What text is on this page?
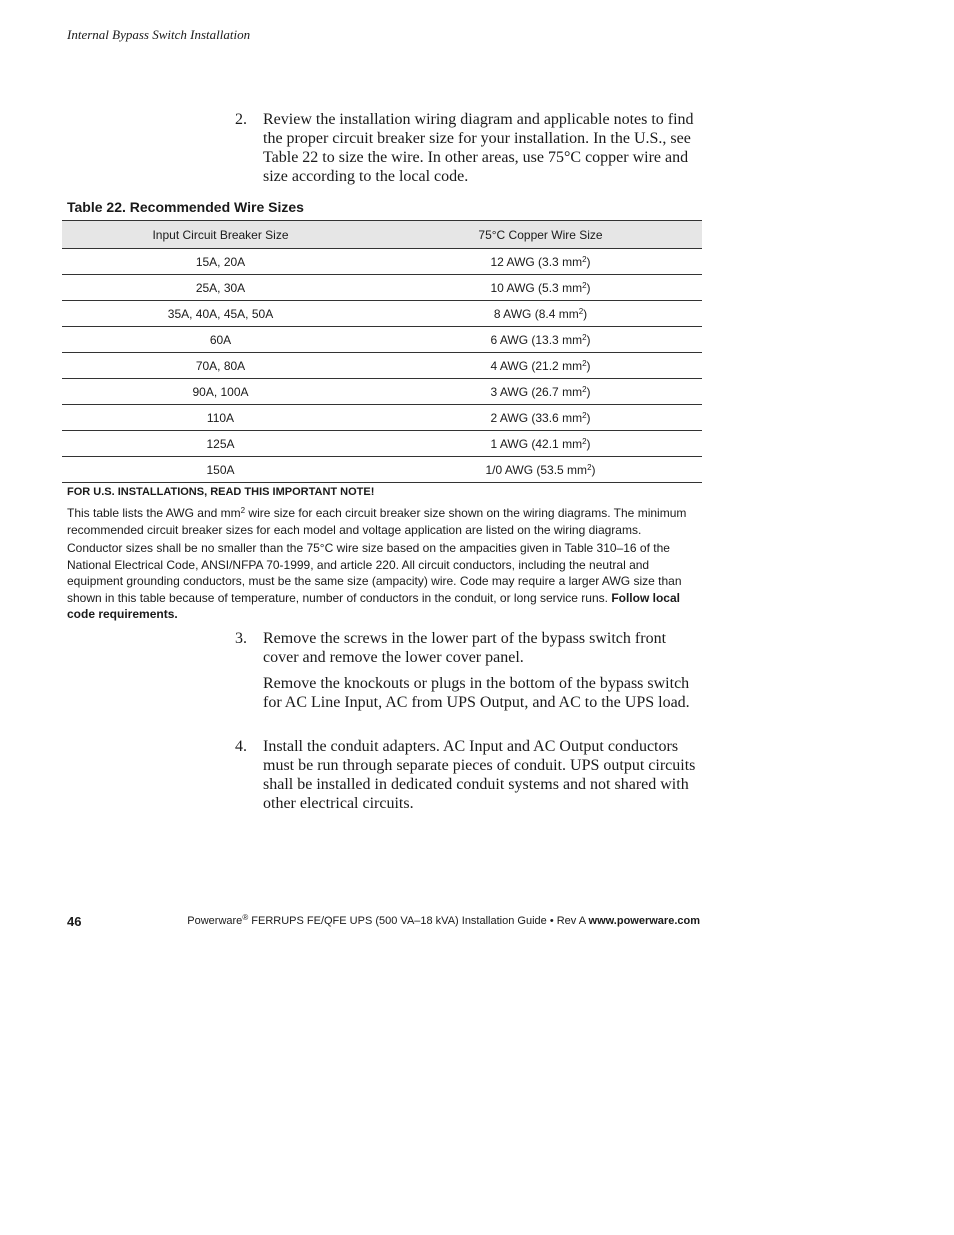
Internal Bypass Switch Installation
2. Review the installation wiring diagram and applicable notes to find the proper circuit breaker size for your installation. In the U.S., see Table 22 to size the wire. In other areas, use 75°C copper wire and size according to the local code.
Table 22. Recommended Wire Sizes
Input Circuit Breaker Size	75°C Copper Wire Size
15A, 20A	12 AWG (3.3 $mm^2$)
25A, 30A	10 AWG (5.3 $mm^2$)
35A, 40A, 45A, 50A	8 AWG (8.4 $mm^2$)
60A	6 AWG (13.3 $mm^2$)
70A, 80A	4 AWG (21.2 $mm^2$)
90A, 100A	3 AWG (26.7 $mm^2$)
110A	2 AWG (33.6 $mm^2$)
125A	1 AWG (42.1 $mm^2$)
150A	1/0 AWG (53.5 $mm^2$)
FOR U.S. INSTALLATIONS, READ THIS IMPORTANT NOTE!
This table lists the AWG and $mm^2$ wire size for each circuit breaker size shown on the wiring diagrams. The minimum recommended circuit breaker sizes for each model and voltage application are listed on the wiring diagrams.
Conductor sizes shall be no smaller than the 75°C wire size based on the ampacities given in Table 310–16 of the National Electrical Code, ANSI/NFPA 70-1999, and article 220. All circuit conductors, including the neutral and equipment grounding conductors, must be the same size (ampacity) wire. Code may require a larger AWG size than shown in this table because of temperature, number of conductors in the conduit, or long service runs. Follow local code requirements.
3. Remove the screws in the lower part of the bypass switch front cover and remove the lower cover panel.
Remove the knockouts or plugs in the bottom of the bypass switch for AC Line Input, AC from UPS Output, and AC to the UPS load.
4. Install the conduit adapters. AC Input and AC Output conductors must be run through separate pieces of conduit. UPS output circuits shall be installed in dedicated conduit systems and not shared with other electrical circuits.
46	Powerware® FERRUPS FE/QFE UPS (500 VA–18 kVA) Installation Guide • Rev A www.powerware.com
